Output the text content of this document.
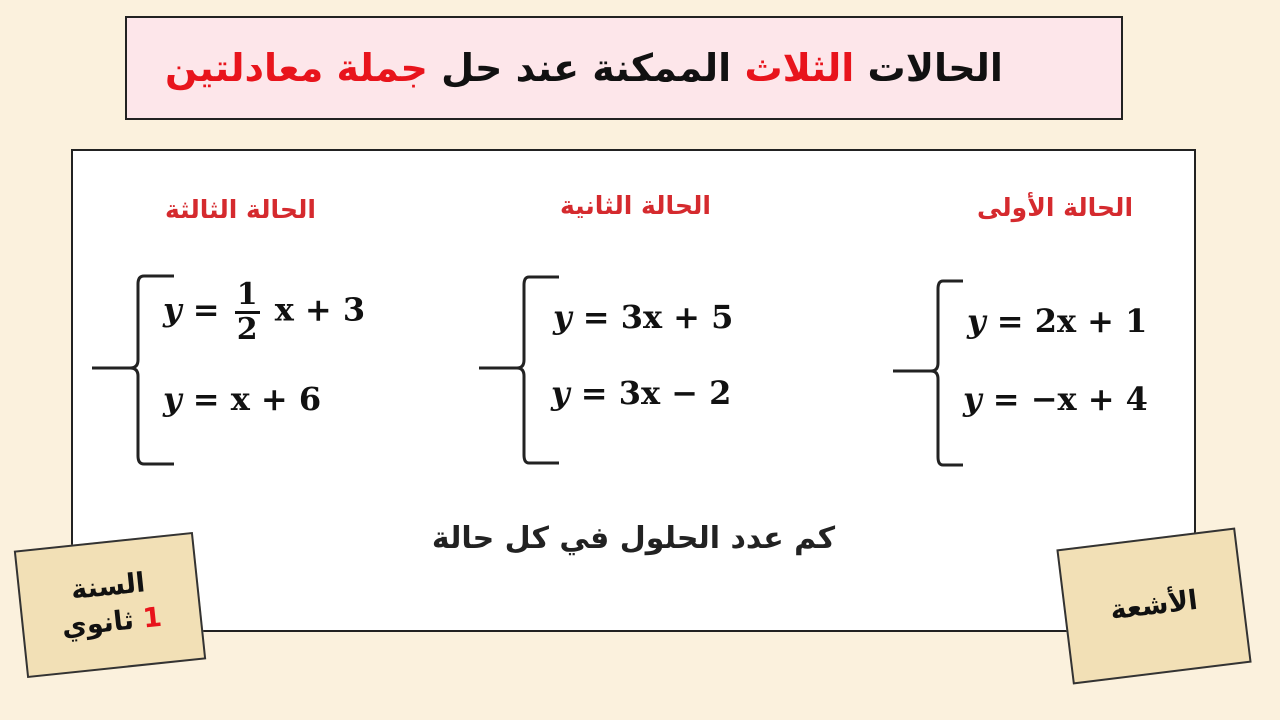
الحالات الثلاث الممكنة عند حل جملة معادلتين
الحالة الأولى
y = 2x + 1
y = −x + 4
الحالة الثانية
y = 3x + 5
y = 3x − 2
الحالة الثالثة
$y = \frac{1}{2}$ x + 3
y = x + 6
كم عدد الحلول في كل حالة
السنة
1 ثانوي	الأشعة
